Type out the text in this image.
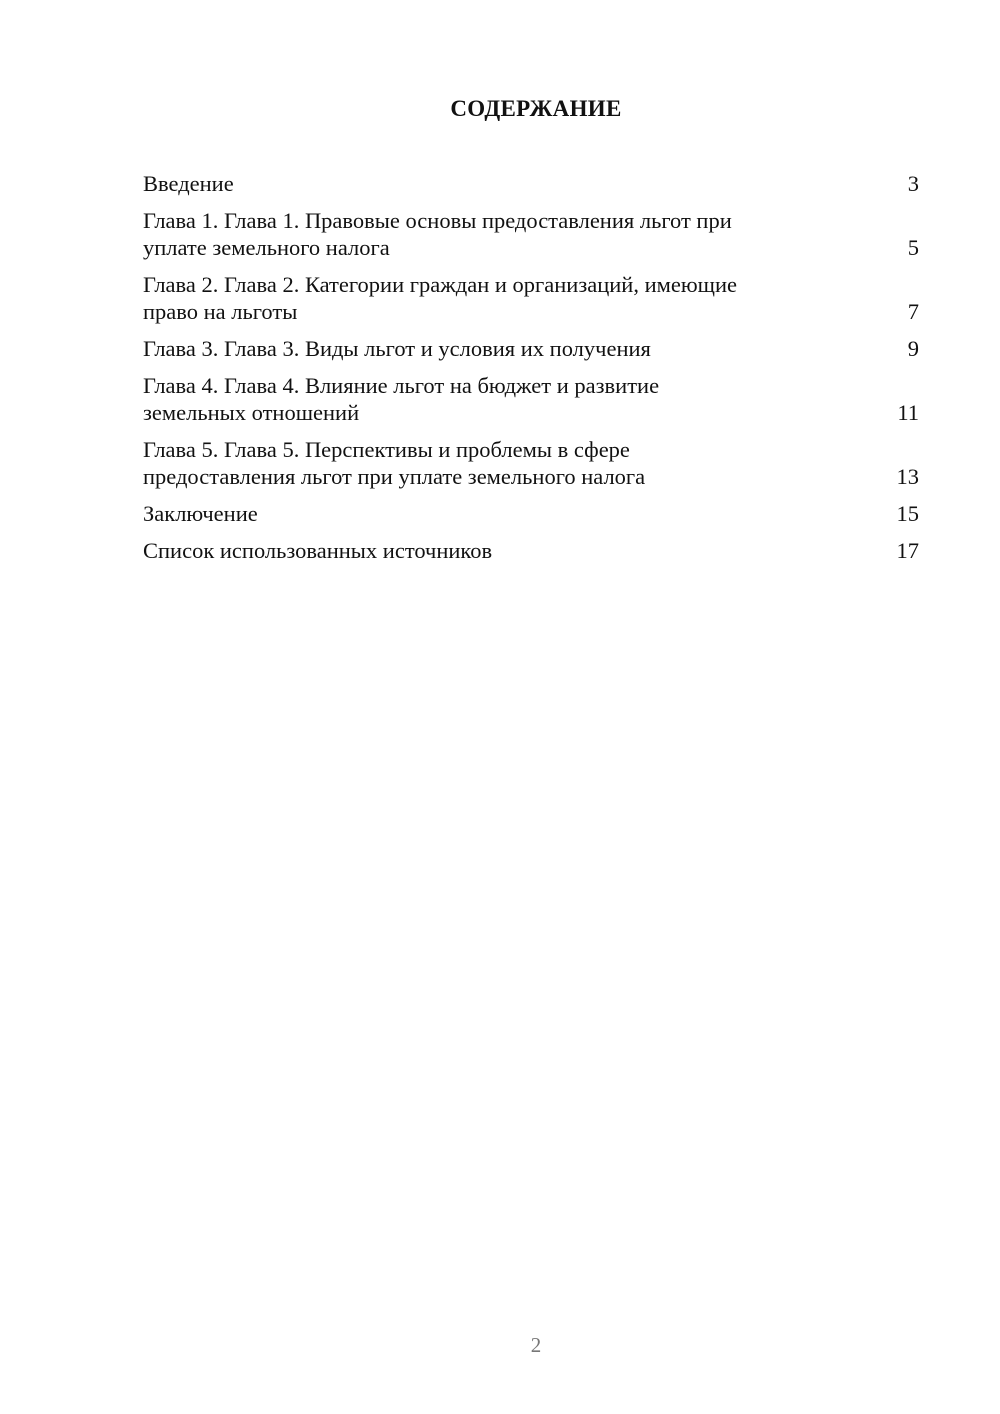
СОДЕРЖАНИЕ
Введение	3
Глава 1. Глава 1. Правовые основы предоставления льгот при
уплате земельного налога	5
Глава 2. Глава 2. Категории граждан и организаций, имеющие
право на льготы	7
Глава 3. Глава 3. Виды льгот и условия их получения	9
Глава 4. Глава 4. Влияние льгот на бюджет и развитие
земельных отношений	11
Глава 5. Глава 5. Перспективы и проблемы в сфере
предоставления льгот при уплате земельного налога	13
Заключение	15
Список использованных источников	17
2
